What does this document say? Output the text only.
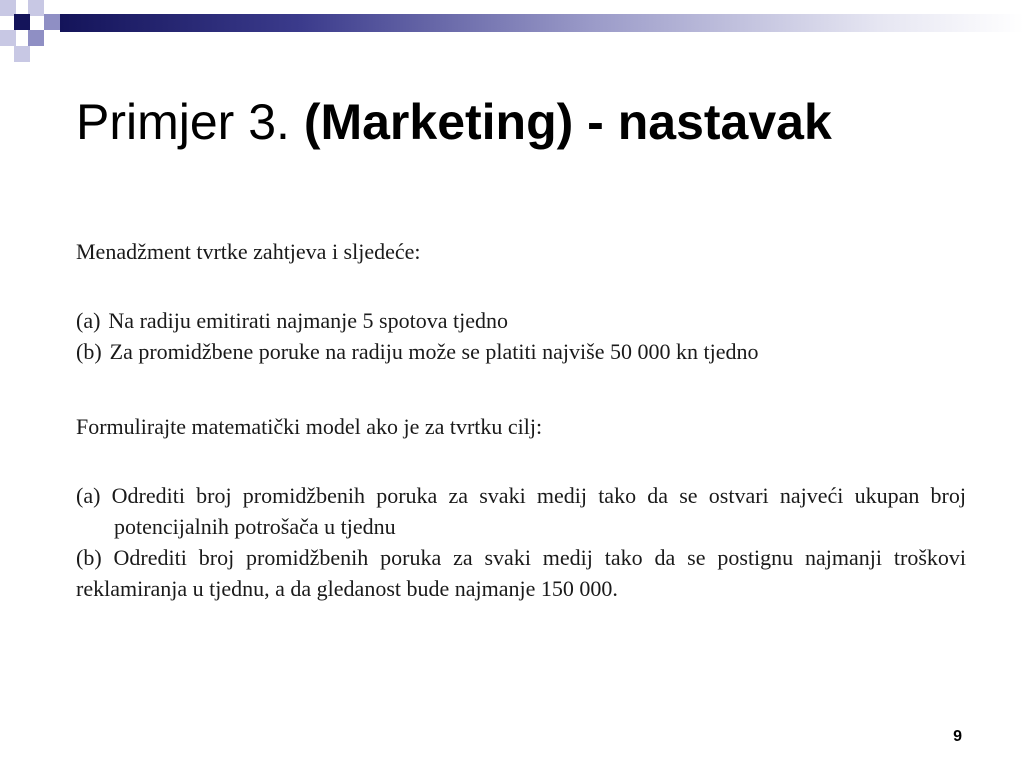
Primjer 3. (Marketing) - nastavak

Menadžment tvrtke zahtjeva i sljedeće:

(a) Na radiju emitirati najmanje 5 spotova tjedno
(b) Za promidžbene poruke na radiju može se platiti najviše 50 000 kn tjedno

Formulirajte matematički model ako je za tvrtku cilj:

(a) Odrediti broj promidžbenih poruka za svaki medij tako da se ostvari najveći ukupan broj potencijalnih potrošača u tjednu

(b) Odrediti broj promidžbenih poruka za svaki medij tako da se postignu najmanji troškovi reklamiranja u tjednu, a da gledanost bude najmanje 150 000.

9
